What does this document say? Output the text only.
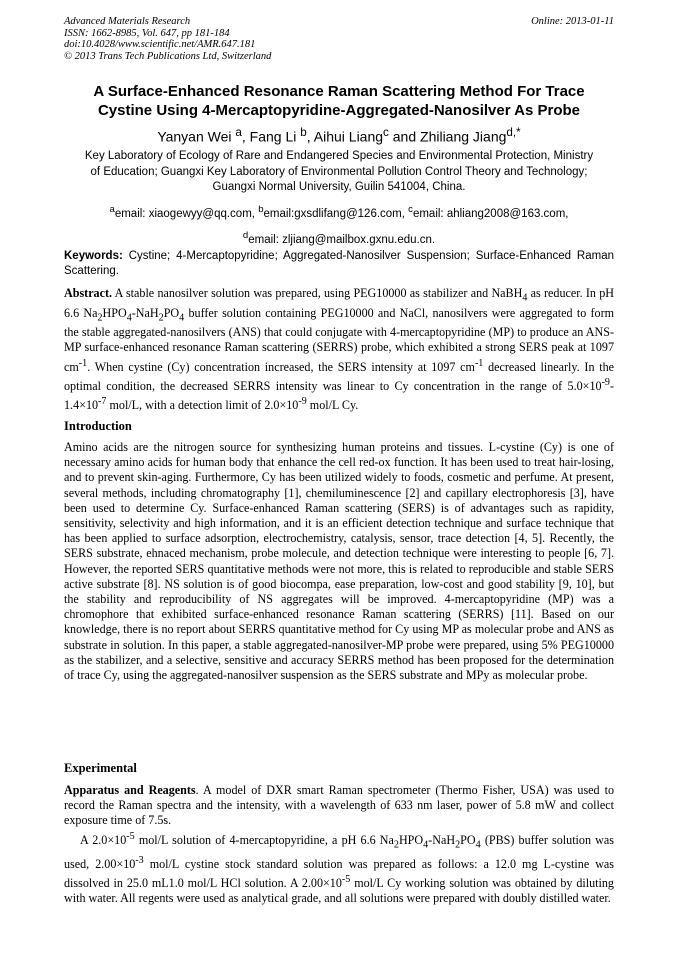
Advanced Materials Research
ISSN: 1662-8985, Vol. 647, pp 181-184
doi:10.4028/www.scientific.net/AMR.647.181
© 2013 Trans Tech Publications Ltd, Switzerland
Online: 2013-01-11
A Surface-Enhanced Resonance Raman Scattering Method For Trace
Cystine Using 4-Mercaptopyridine-Aggregated-Nanosilver As Probe
Yanyan Wei $^a$, Fang Li $^b$, Aihui Liang$^c$ and Zhiliang Jiang$^{d,*}$
Key Laboratory of Ecology of Rare and Endangered Species and Environmental Protection, Ministry
of Education; Guangxi Key Laboratory of Environmental Pollution Control Theory and Technology;
Guangxi Normal University, Guilin 541004, China.
$^a$email: xiaogewyy@qq.com, $^b$email:gxsdlifang@126.com, $^c$email: ahliang2008@163.com,
$^d$email: zljiang@mailbox.gxnu.edu.cn.
Keywords: Cystine; 4-Mercaptopyridine; Aggregated-Nanosilver Suspension; Surface-Enhanced Raman Scattering.

Abstract. A stable nanosilver solution was prepared, using PEG10000 as stabilizer and NaBH$_4$ as reducer. In pH 6.6 $Na_2HPO_4-NaH_2PO_4$ buffer solution containing PEG10000 and NaCl, nanosilvers were aggregated to form the stable aggregated-nanosilvers (ANS) that could conjugate with 4-mercaptopyridine (MP) to produce an ANS-MP surface-enhanced resonance Raman scattering (SERRS) probe, which exhibited a strong SERS peak at 1097 $cm^{-1}$. When cystine (Cy) concentration increased, the SERS intensity at 1097 $cm^{-1}$ decreased linearly. In the optimal condition, the decreased SERRS intensity was linear to Cy concentration in the range of $5.0\times 10^{-9}-1.4\times 10^{-7}$ mol/L, with a detection limit of $2.0\times 10^{-9}$ mol/L Cy.

Introduction

Amino acids are the nitrogen source for synthesizing human proteins and tissues. L-cystine (Cy) is one of necessary amino acids for human body that enhance the cell red-ox function. It has been used to treat hair-losing, and to prevent skin-aging. Furthermore, Cy has been utilized widely to foods, cosmetic and perfume. At present, several methods, including chromatography [1], chemiluminescence [2] and capillary electrophoresis [3], have been used to determine Cy. Surface-enhanced Raman scattering (SERS) is of advantages such as rapidity, sensitivity, selectivity and high information, and it is an efficient detection technique and surface technique that has been applied to surface adsorption, electrochemistry, catalysis, sensor, trace detection [4, 5]. Recently, the SERS substrate, ehnaced mechanism, probe molecule, and detection technique were interesting to people [6, 7]. However, the reported SERS quantitative methods were not more, this is related to reproducible and stable SERS active substrate [8]. NS solution is of good biocompa, ease preparation, low-cost and good stability [9, 10], but the stability and reproducibility of NS aggregates will be improved. 4-mercaptopyridine (MP) was a chromophore that exhibited surface-enhanced resonance Raman scattering (SERRS) [11]. Based on our knowledge, there is no report about SERRS quantitative method for Cy using MP as molecular probe and ANS as substrate in solution. In this paper, a stable aggregated-nanosilver-MP probe were prepared, using 5% PEG10000 as the stabilizer, and a selective, sensitive and accuracy SERRS method has been proposed for the determination of trace Cy, using the aggregated-nanosilver suspension as the SERS substrate and MPy as molecular probe.

Experimental

Apparatus and Reagents. A model of DXR smart Raman spectrometer (Thermo Fisher, USA) was used to record the Raman spectra and the intensity, with a wavelength of 633 nm laser, power of 5.8 mW and collect exposure time of 7.5s.

A $2.0\times 10^{-5}$ mol/L solution of 4-mercaptopyridine, a pH 6.6 $Na_2HPO_4-NaH_2PO_4$ (PBS) buffer solution was used, $2.00\times 10^{-3}$ mol/L cystine stock standard solution was prepared as follows: a 12.0 mg L-cystine was dissolved in 25.0 mL1.0 mol/L HCl solution. A $2.00\times 10^{-5}$ mol/L Cy working solution was obtained by diluting with water. All regents were used as analytical grade, and all solutions were prepared with doubly distilled water.
